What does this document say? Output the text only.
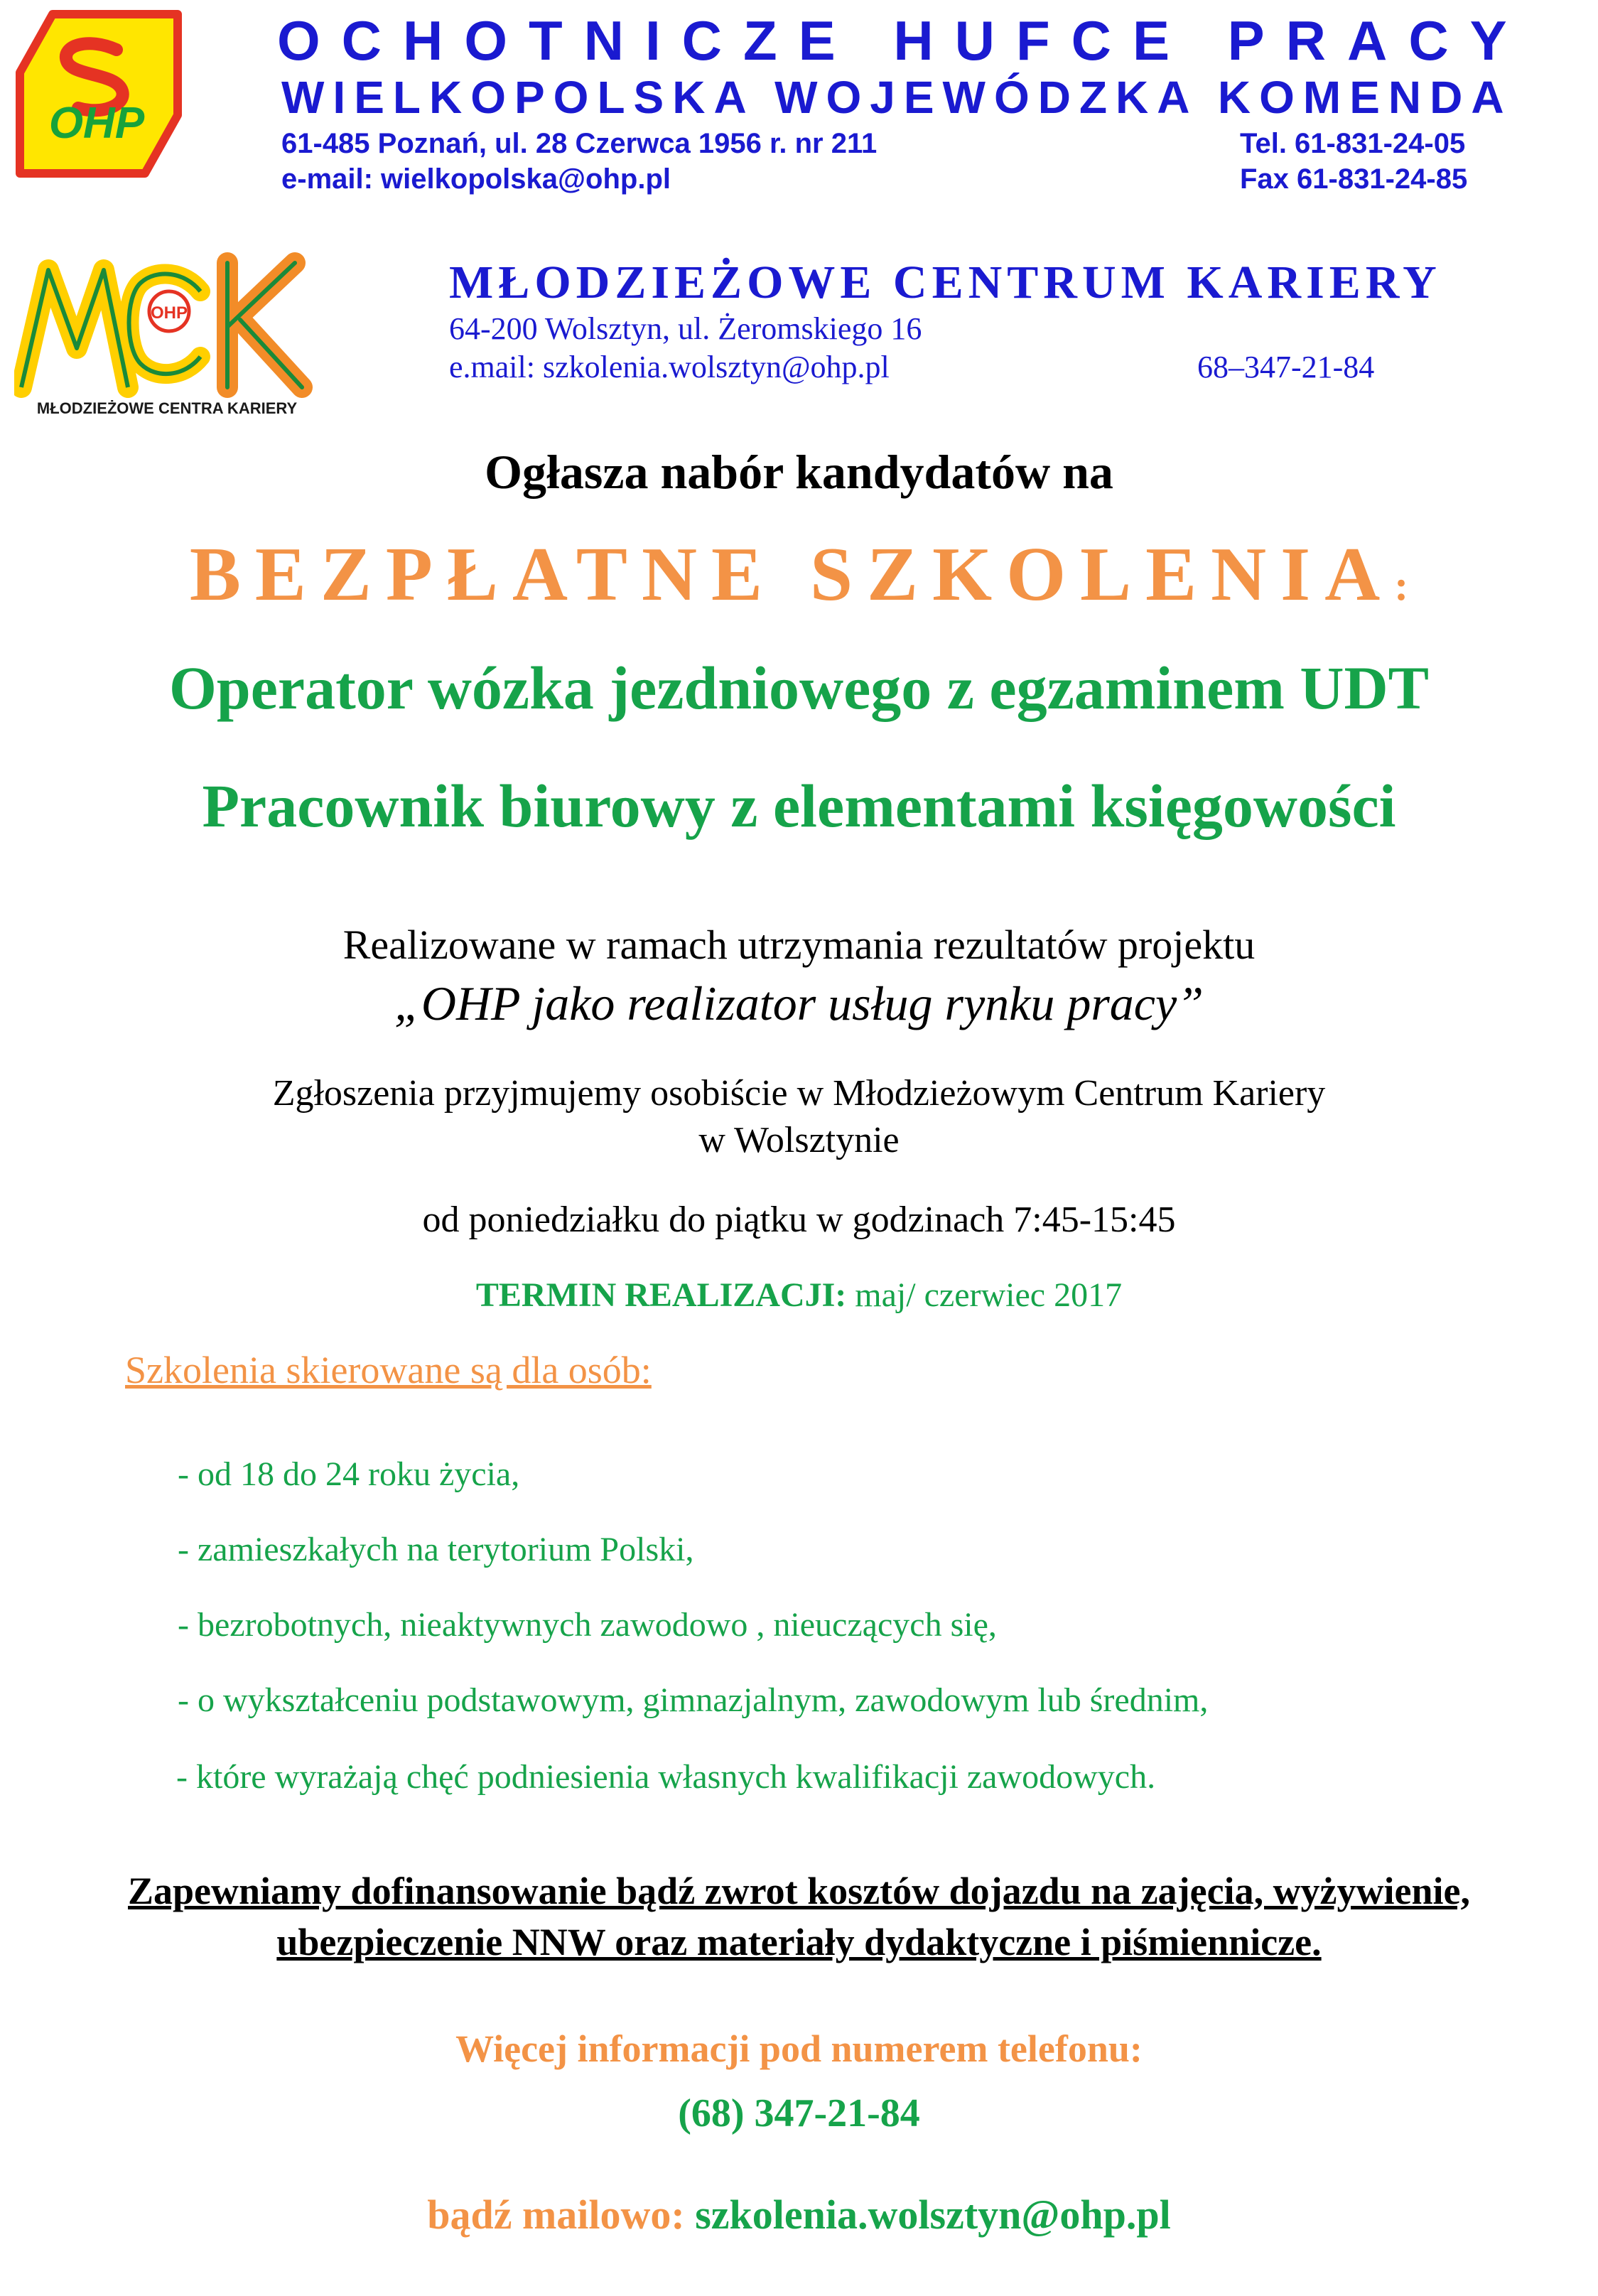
OHP
OCHOTNICZE HUFCE PRACY
WIELKOPOLSKA WOJEWÓDZKA KOMENDA
61-485 Poznań, ul. 28 Czerwca 1956 r. nr 211	Tel. 61-831-24-05
e-mail: wielkopolska@ohp.pl	Fax 61-831-24-85
OHP
MŁODZIEŻOWE CENTRA KARIERY
MŁODZIEŻOWE CENTRUM KARIERY
64-200 Wolsztyn, ul. Żeromskiego 16
e.mail: szkolenia.wolsztyn@ohp.pl	68–347-21-84
Ogłasza nabór kandydatów na
BEZPŁATNE SZKOLENIA:
Operator wózka jezdniowego z egzaminem UDT
Pracownik biurowy z elementami księgowości
Realizowane w ramach utrzymania rezultatów projektu
„OHP jako realizator usług rynku pracy”
Zgłoszenia przyjmujemy osobiście w Młodzieżowym Centrum Kariery
w Wolsztynie
od poniedziałku do piątku w godzinach 7:45-15:45
TERMIN REALIZACJI: maj/ czerwiec 2017
Szkolenia skierowane są dla osób:
- od 18 do 24 roku życia,
- zamieszkałych na terytorium Polski,
- bezrobotnych, nieaktywnych zawodowo , nieuczących się,
- o wykształceniu podstawowym, gimnazjalnym, zawodowym lub średnim,
- które wyrażają chęć podniesienia własnych kwalifikacji zawodowych.
Zapewniamy dofinansowanie bądź zwrot kosztów dojazdu na zajęcia, wyżywienie,
ubezpieczenie NNW oraz materiały dydaktyczne i piśmiennicze.
Więcej informacji pod numerem telefonu:
(68) 347-21-84
bądź mailowo: szkolenia.wolsztyn@ohp.pl
